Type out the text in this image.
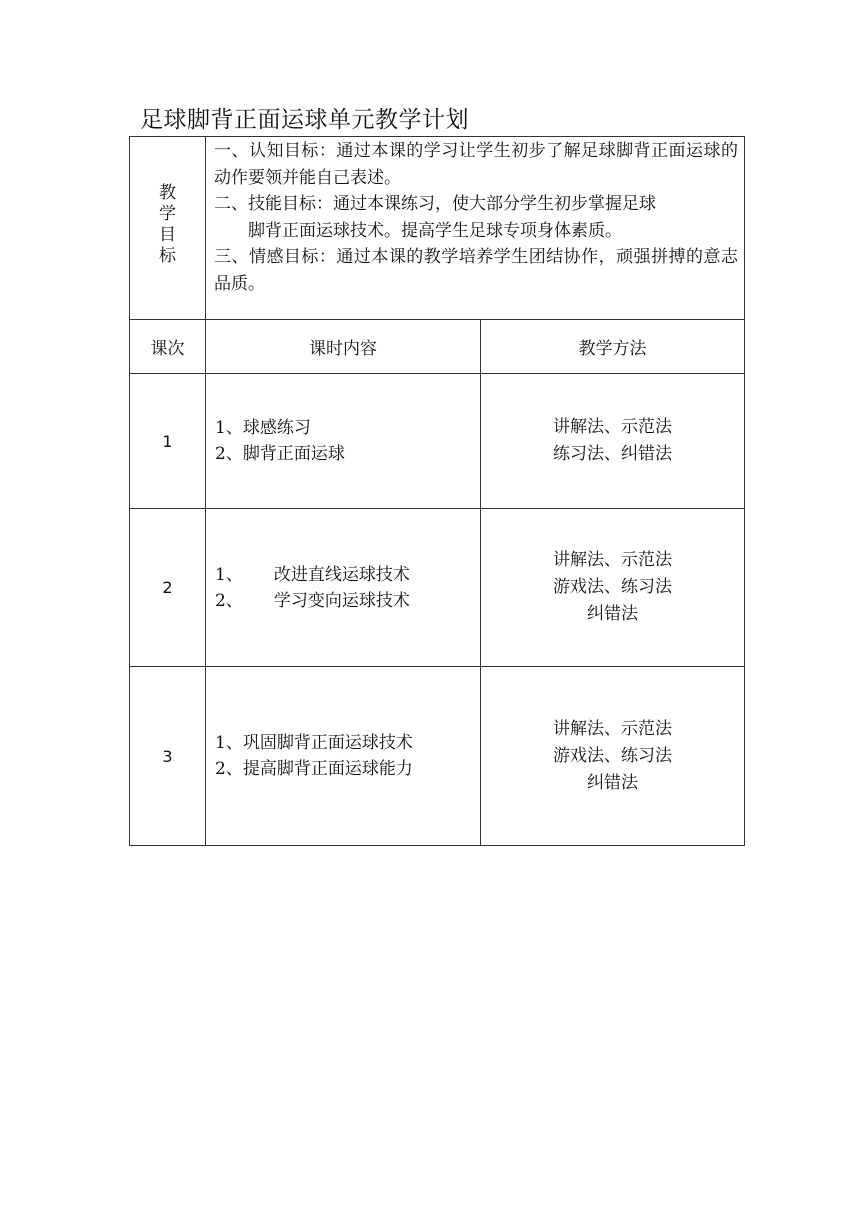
足球脚背正面运球单元教学计划
教学目标	一、认知目标：通过本课的学习让学生初步了解足球脚背正面运球的动作要领并能自己表述。

二、技能目标：通过本课练习，使大部分学生初步掌握足球
脚背正面运球技术。提高学生足球专项身体素质。

三、情感目标：通过本课的教学培养学生团结协作，顽强拼搏的意志品质。	

课次	课时内容	教学方法
1	1、球感练习
2、脚背正面运球	讲解法、示范法
练习法、纠错法

2	1、 改进直线运球技术
2、 学习变向运球技术	讲解法、示范法
游戏法、练习法
纠错法

3	1、巩固脚背正面运球技术
2、提高脚背正面运球能力	讲解法、示范法
游戏法、练习法
纠错法
